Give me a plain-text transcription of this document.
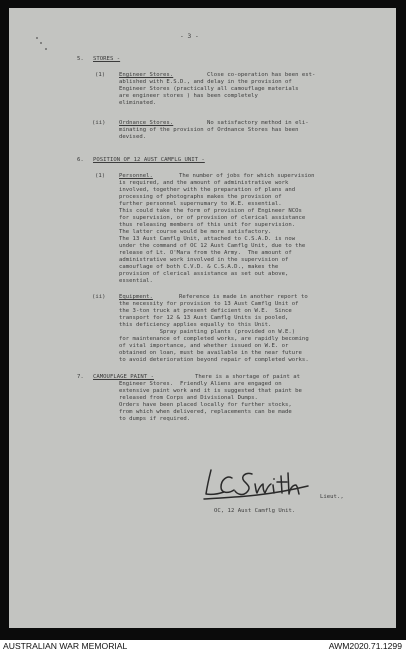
- 3 -
5. STORES -
(1) Engineer Stores.	Close co-operation has been est-
ablished with E.S.D., and delay in the provision of
Engineer Stores (practically all camouflage materials
are engineer stores ) has been completely
eliminated.
(ii) Ordnance Stores.	No satisfactory method in eli-
minating of the provision of Ordnance Stores has been
devised.
6. POSITION OF 12 AUST CAMFLG UNIT -
(1) Personnel.	The number of jobs for which supervision
is required, and the amount of administrative work
involved, together with the preparation of plans and
processing of photographs makes the provision of
further personnel supernumary to W.E. essential.
This could take the form of provision of Engineer NCOs
for supervision, or of provision of clerical assistance
thus releasing members of this unit for supervision.
The latter course would be more satisfactory.
The 13 Aust Camflg Unit, attached to C.S.A.D. is now
under the command of OC 12 Aust Camflg Unit, due to the
release of Lt. O'Mara from the Army.  The amount of
administrative work involved in the supervision of
camouflage of both C.V.D. & C.S.A.D., makes the
provision of clerical assistance as set out above,
essential.
(ii) Equipment.	Reference is made in another report to
the necessity for provision to 13 Aust Camflg Unit of
the 3-ton truck at present deficient on W.E.  Since
transport for 12 & 13 Aust Camflg Units is pooled,
this deficiency applies equally to this Unit.
Spray painting plants (provided on W.E.)
for maintenance of completed works, are rapidly becoming
of vital importance, and whether issued on W.E. or
obtained on loan, must be available in the near future
to avoid deterioration beyond repair of completed works.
7. CAMOUFLAGE PAINT -	There is a shortage of paint at
Engineer Stores.  Friendly Aliens are engaged on
extensive paint work and it is suggested that paint be
released from Corps and Divisional Dumps.
Orders have been placed locally for further stocks,
from which when delivered, replacements can be made
to dumps if required.
Lieut.,
OC, 12 Aust Camflg Unit.
AUSTRALIAN WAR MEMORIAL	AWM2020.71.1299
